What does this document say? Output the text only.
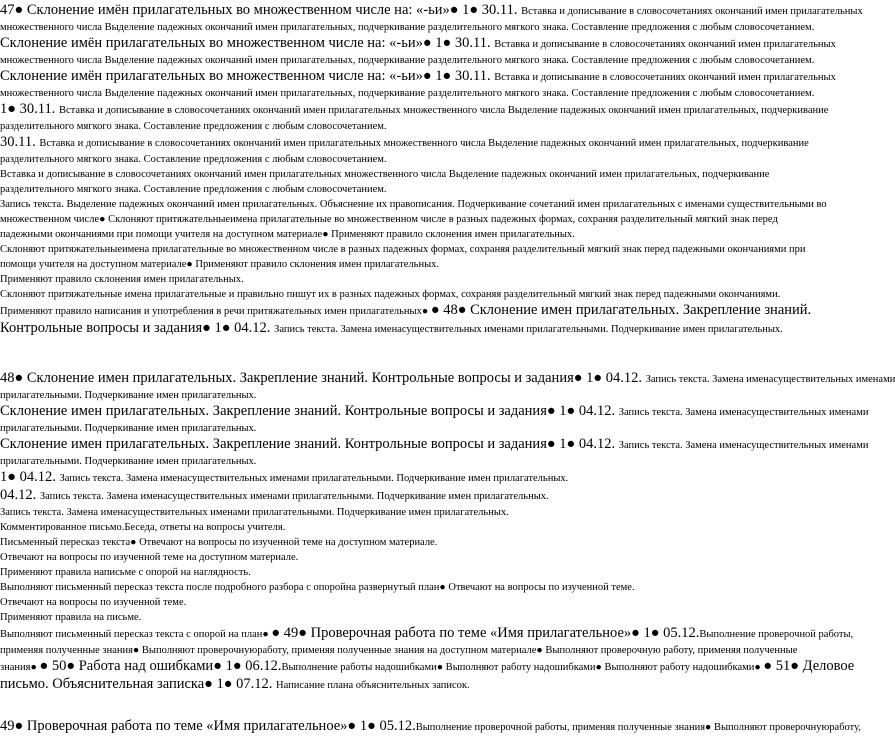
47● Склонение имён прилагательных во множественном числе на: «-ьи»● 1● 30.11. Вставка и дописывание в словосочетаниях окончаний имен прилагательных
множественного числа Выделение падежных окончаний имен прилагательных, подчеркивание разделительного мягкого знака. Составление предложения с любым словосочетанием.
Склонение имён прилагательных во множественном числе на: «-ьи»● 1● 30.11. Вставка и дописывание в словосочетаниях окончаний имен прилагательных
множественного числа Выделение падежных окончаний имен прилагательных, подчеркивание разделительного мягкого знака. Составление предложения с любым словосочетанием.
Склонение имён прилагательных во множественном числе на: «-ьи»● 1● 30.11. Вставка и дописывание в словосочетаниях окончаний имен прилагательных
множественного числа Выделение падежных окончаний имен прилагательных, подчеркивание разделительного мягкого знака. Составление предложения с любым словосочетанием.
1● 30.11. Вставка и дописывание в словосочетаниях окончаний имен прилагательных множественного числа Выделение падежных окончаний имен прилагательных, подчеркивание
разделительного мягкого знака. Составление предложения с любым словосочетанием.
30.11. Вставка и дописывание в словосочетаниях окончаний имен прилагательных множественного числа Выделение падежных окончаний имен прилагательных, подчеркивание
разделительного мягкого знака. Составление предложения с любым словосочетанием.
Вставка и дописывание в словосочетаниях окончаний имен прилагательных множественного числа Выделение падежных окончаний имен прилагательных, подчеркивание
разделительного мягкого знака. Составление предложения с любым словосочетанием.
Запись текста. Выделение падежных окончаний имен прилагательных. Объяснение их правописания. Подчеркивание сочетаний имен прилагательных с именами существительными во
множественном числе● Склоняют притяжательныеимена прилагательные во множественном числе в разных падежных формах, сохраняя разделительный мягкий знак перед
падежными окончаниями при помощи учителя на доступном материале● Применяют правило склонения имен прилагательных.
Склоняют притяжательныеимена прилагательные во множественном числе в разных падежных формах, сохраняя разделительный мягкий знак перед падежными окончаниями при
помощи учителя на доступном материале● Применяют правило склонения имен прилагательных.
Применяют правило склонения имен прилагательных.
Склоняют притяжательные имена прилагательные и правильно пишут их в разных падежных формах, сохраняя разделительный мягкий знак перед падежными окончаниями.
Применяют правило написания и употребления в речи притяжательных имен прилагательных● ● 48● Склонение имен прилагательных. Закрепление знаний.
Контрольные вопросы и задания● 1● 04.12. Запись текста. Замена именасуществительных именами прилагательными. Подчеркивание имен прилагательных.
48● Склонение имен прилагательных. Закрепление знаний. Контрольные вопросы и задания● 1● 04.12. Запись текста. Замена именасуществительных именами
прилагательными. Подчеркивание имен прилагательных.
Склонение имен прилагательных. Закрепление знаний. Контрольные вопросы и задания● 1● 04.12. Запись текста. Замена именасуществительных именами
прилагательными. Подчеркивание имен прилагательных.
Склонение имен прилагательных. Закрепление знаний. Контрольные вопросы и задания● 1● 04.12. Запись текста. Замена именасуществительных именами
прилагательными. Подчеркивание имен прилагательных.
1● 04.12. Запись текста. Замена именасуществительных именами прилагательными. Подчеркивание имен прилагательных.
04.12. Запись текста. Замена именасуществительных именами прилагательными. Подчеркивание имен прилагательных.
Запись текста. Замена именасуществительных именами прилагательными. Подчеркивание имен прилагательных.
Комментированное письмо.Беседа, ответы на вопросы учителя.
Письменный пересказ текста● Отвечают на вопросы по изученной теме на доступном материале.
Отвечают на вопросы по изученной теме на доступном материале.
Применяют правила написьме с опорой на наглядность.
Выполняют письменный пересказ текста после подробного разбора с опоройна развернутый план● Отвечают на вопросы по изученной теме.
Отвечают на вопросы по изученной теме.
Применяют правила на письме.
Выполняют письменный пересказ текста с опорой на план● ● 49● Проверочная работа по теме «Имя прилагательное»● 1● 05.12.Выполнение проверочной работы,
применяя полученные знания● Выполняют проверочнуюработу, применяя полученные знания на доступном материале● Выполняют проверочную работу, применяя полученные
знания● ● 50● Работа над ошибками● 1● 06.12.Выполнение работы надошибками● Выполняют работу надошибками● Выполняют работу надошибками● ● 51● Деловое
письмо. Объяснительная записка● 1● 07.12. Написание плана объяснительных записок.
49● Проверочная работа по теме «Имя прилагательное»● 1● 05.12.Выполнение проверочной работы, применяя полученные знания● Выполняют проверочнуюработу,
